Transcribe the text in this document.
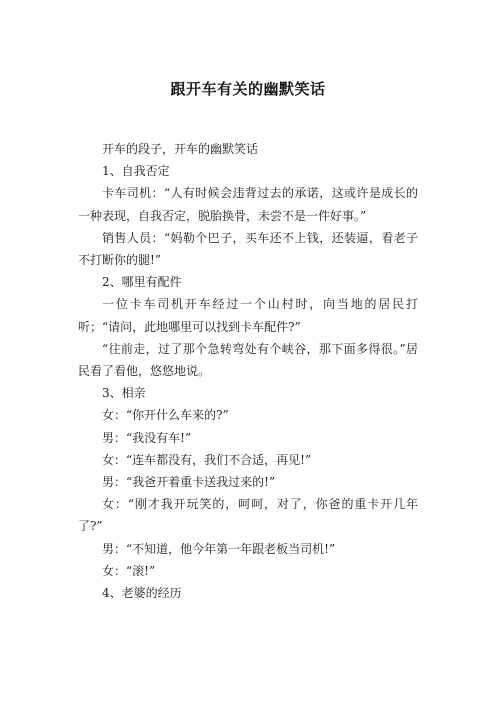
跟开车有关的幽默笑话

开车的段子，开车的幽默笑话

1、自我否定

卡车司机：“人有时候会违背过去的承诺，这或许是成长的一种表现，自我否定，脱胎换骨，未尝不是一件好事。”

销售人员：“妈勒个巴子，买车还不上钱，还装逼，看老子不打断你的腿!”

2、哪里有配件

一位卡车司机开车经过一个山村时，向当地的居民打听；“请问，此地哪里可以找到卡车配件?”

“往前走，过了那个急转弯处有个峡谷，那下面多得很。”居民看了看他，悠悠地说。

3、相亲

女：“你开什么车来的?”

男：“我没有车!”

女：“连车都没有，我们不合适，再见!”

男：“我爸开着重卡送我过来的!”

女：“刚才我开玩笑的，呵呵，对了，你爸的重卡开几年了?”

男：“不知道，他今年第一年跟老板当司机!”

女：“滚!”

4、老婆的经历
